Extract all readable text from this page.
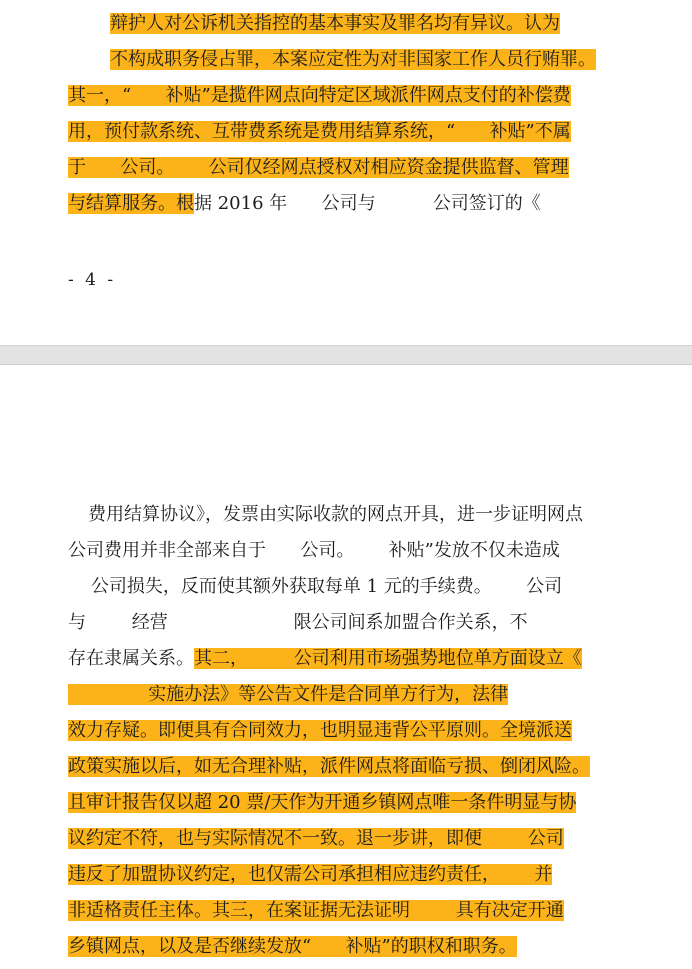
辩护人对公诉机关指控的基本事实及罪名均有异议。认为
不构成职务侵占罪，本案应定性为对非国家工作人员行贿罪。
其一，“      补贴”是揽件网点向特定区域派件网点支付的补偿费
用，预付款系统、互带费系统是费用结算系统，“      补贴”不属
于      公司。      公司仅经网点授权对相应资金提供监督、管理
与结算服务。根据 2016 年      公司与          公司签订的《
- 4 -
费用结算协议》，发票由实际收款的网点开具，进一步证明网点
公司费用并非全部来自于      公司。      补贴”发放不仅未造成
公司损失，反而使其额外获取每单 1 元的手续费。      公司
与        经营                      限公司间系加盟合作关系，不
存在隶属关系。其二，        公司利用市场强势地位单方面设立《
实施办法》等公告文件是合同单方行为，法律
效力存疑。即便具有合同效力，也明显违背公平原则。全境派送
政策实施以后，如无合理补贴，派件网点将面临亏损、倒闭风险。
且审计报告仅以超 20 票/天作为开通乡镇网点唯一条件明显与协
议约定不符，也与实际情况不一致。退一步讲，即便        公司
违反了加盟协议约定，也仅需公司承担相应违约责任，      并
非适格责任主体。其三，在案证据无法证明        具有决定开通
乡镇网点，以及是否继续发放“      补贴”的职权和职务。
